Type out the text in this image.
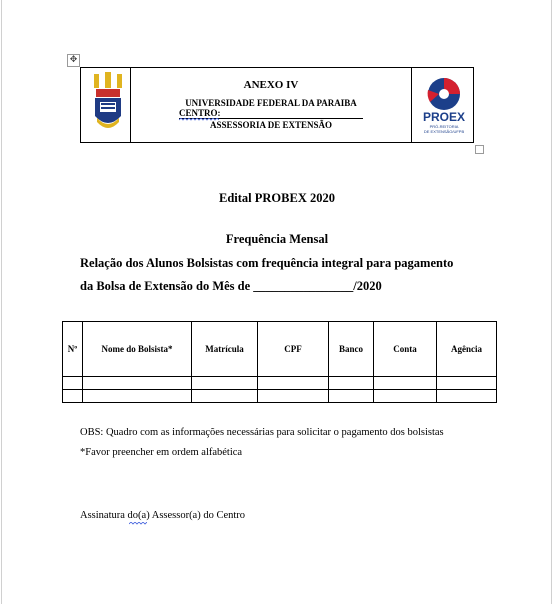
✥
ANEXO IV
UNIVERSIDADE FEDERAL DA PARAIBA
CENTRO:
ASSESSORIA DE EXTENSÃO
PROEX
PRÓ-REITORIA
DE EXTENSÃO/UFPB
Edital PROBEX 2020
Frequência Mensal
Relação dos Alunos Bolsistas com frequência integral para pagamento
da Bolsa de Extensão do Mês de ________________/2020
Nº	Nome do Bolsista*	Matrícula	CPF	Banco	Conta	Agência

OBS: Quadro com as informações necessárias para solicitar o pagamento dos bolsistas
*Favor preencher em ordem alfabética
Assinatura do(a) Assessor(a) do Centro
